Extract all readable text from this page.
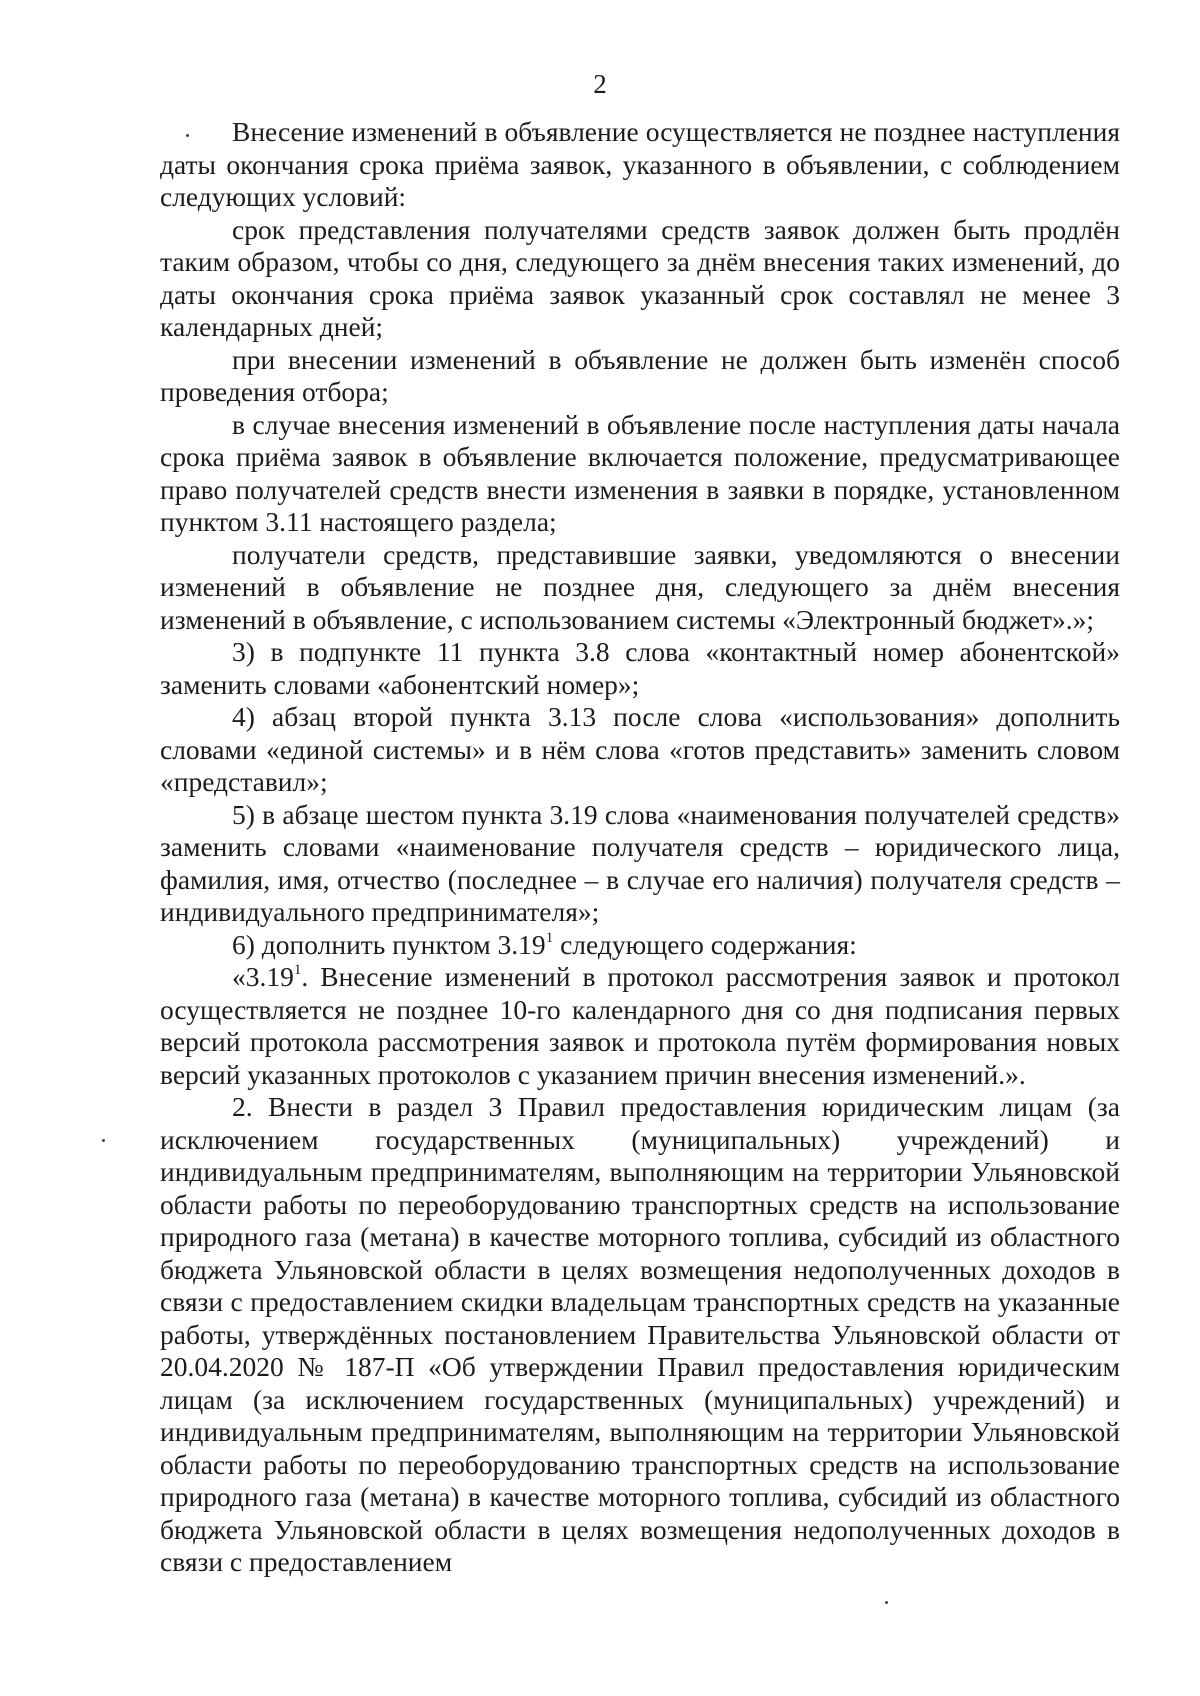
2

Внесение изменений в объявление осуществляется не позднее наступления даты окончания срока приёма заявок, указанного в объявлении, с соблюдением следующих условий:

срок представления получателями средств заявок должен быть продлён таким образом, чтобы со дня, следующего за днём внесения таких изменений, до даты окончания срока приёма заявок указанный срок составлял не менее 3 календарных дней;

при внесении изменений в объявление не должен быть изменён способ проведения отбора;

в случае внесения изменений в объявление после наступления даты начала срока приёма заявок в объявление включается положение, предусматривающее право получателей средств внести изменения в заявки в порядке, установленном пунктом 3.11 настоящего раздела;

получатели средств, представившие заявки, уведомляются о внесении изменений в объявление не позднее дня, следующего за днём внесения изменений в объявление, с использованием системы «Электронный бюджет».»;

3) в подпункте 11 пункта 3.8 слова «контактный номер абонентской» заменить словами «абонентский номер»;

4) абзац второй пункта 3.13 после слова «использования» дополнить словами «единой системы» и в нём слова «готов представить» заменить словом «представил»;

5) в абзаце шестом пункта 3.19 слова «наименования получателей средств» заменить словами «наименование получателя средств – юридического лица, фамилия, имя, отчество (последнее – в случае его наличия) получателя средств – индивидуального предпринимателя»;

6) дополнить пунктом 3.19$^1$ следующего содержания:

«3.19$^1$. Внесение изменений в протокол рассмотрения заявок и протокол осуществляется не позднее 10-го календарного дня со дня подписания первых версий протокола рассмотрения заявок и протокола путём формирования новых версий указанных протоколов с указанием причин внесения изменений.».

2. Внести в раздел 3 Правил предоставления юридическим лицам (за исключением государственных (муниципальных) учреждений) и индивидуальным предпринимателям, выполняющим на территории Ульяновской области работы по переоборудованию транспортных средств на использование природного газа (метана) в качестве моторного топлива, субсидий из областного бюджета Ульяновской области в целях возмещения недополученных доходов в связи с предоставлением скидки владельцам транспортных средств на указанные работы, утверждённых постановлением Правительства Ульяновской области от 20.04.2020 № 187-П «Об утверждении Правил предоставления юридическим лицам (за исключением государственных (муниципальных) учреждений) и индивидуальным предпринимателям, выполняющим на территории Ульяновской области работы по переоборудованию транспортных средств на использование природного газа (метана) в качестве моторного топлива, субсидий из областного бюджета Ульяновской области в целях возмещения недополученных доходов в связи с предоставлением
